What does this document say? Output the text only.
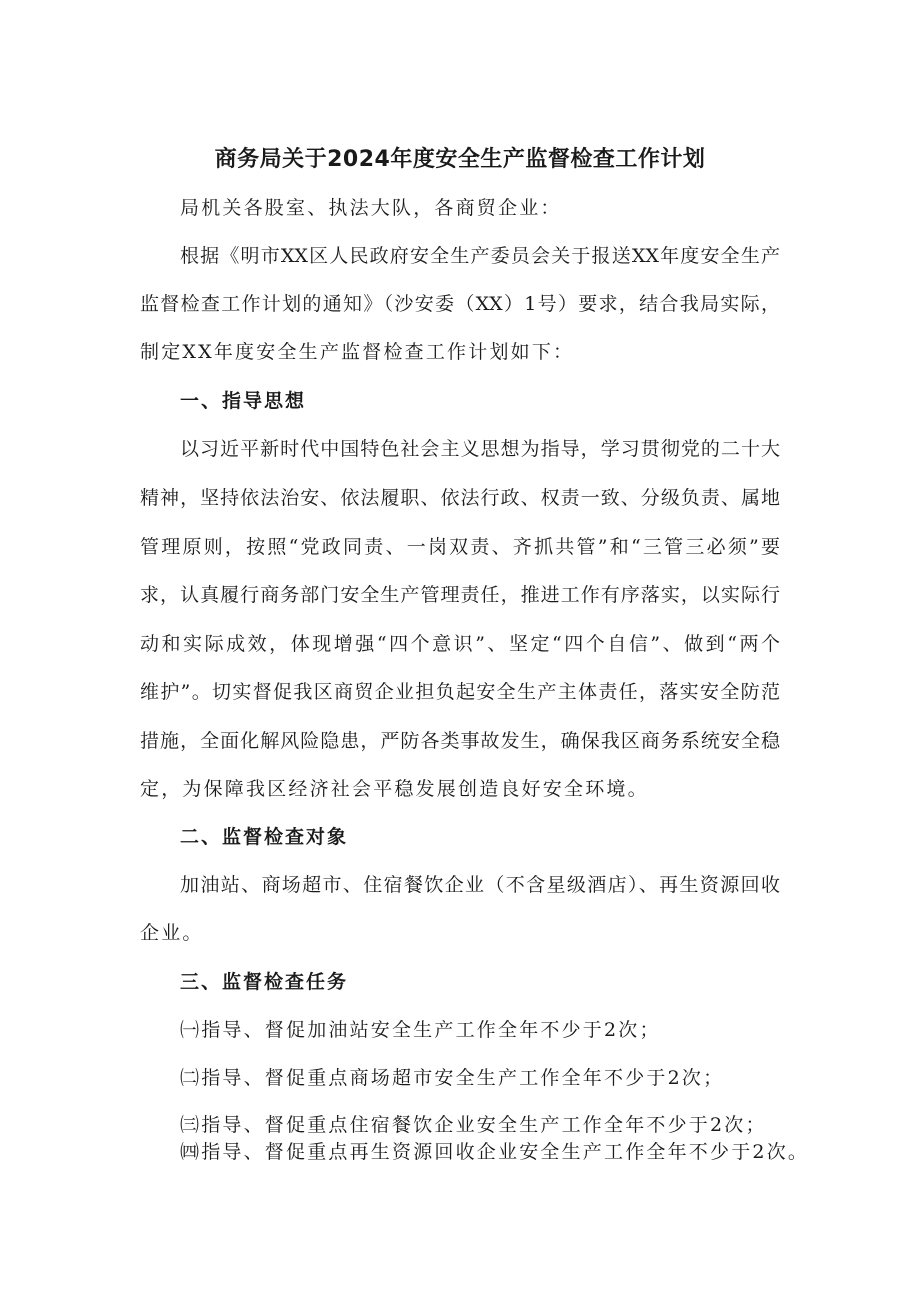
商务局关于2024年度安全生产监督检查工作计划
局机关各股室、执法大队，各商贸企业：
根据《明市XX区人民政府安全生产委员会关于报送XX年度安全生产
监督检查工作计划的通知》（沙安委（XX）1号）要求，结合我局实际，
制定XX年度安全生产监督检查工作计划如下：
一、指导思想
以习近平新时代中国特色社会主义思想为指导，学习贯彻党的二十大
精神，坚持依法治安、依法履职、依法行政、权责一致、分级负责、属地
管理原则，按照“党政同责、一岗双责、齐抓共管”和“三管三必须”要
求，认真履行商务部门安全生产管理责任，推进工作有序落实，以实际行
动和实际成效，体现增强“四个意识”、坚定“四个自信”、做到“两个
维护”。切实督促我区商贸企业担负起安全生产主体责任，落实安全防范
措施，全面化解风险隐患，严防各类事故发生，确保我区商务系统安全稳
定，为保障我区经济社会平稳发展创造良好安全环境。
二、监督检查对象
加油站、商场超市、住宿餐饮企业（不含星级酒店）、再生资源回收
企业。
三、监督检查任务
㈠指导、督促加油站安全生产工作全年不少于2次；
㈡指导、督促重点商场超市安全生产工作全年不少于2次；
㈢指导、督促重点住宿餐饮企业安全生产工作全年不少于2次；
㈣指导、督促重点再生资源回收企业安全生产工作全年不少于2次。
